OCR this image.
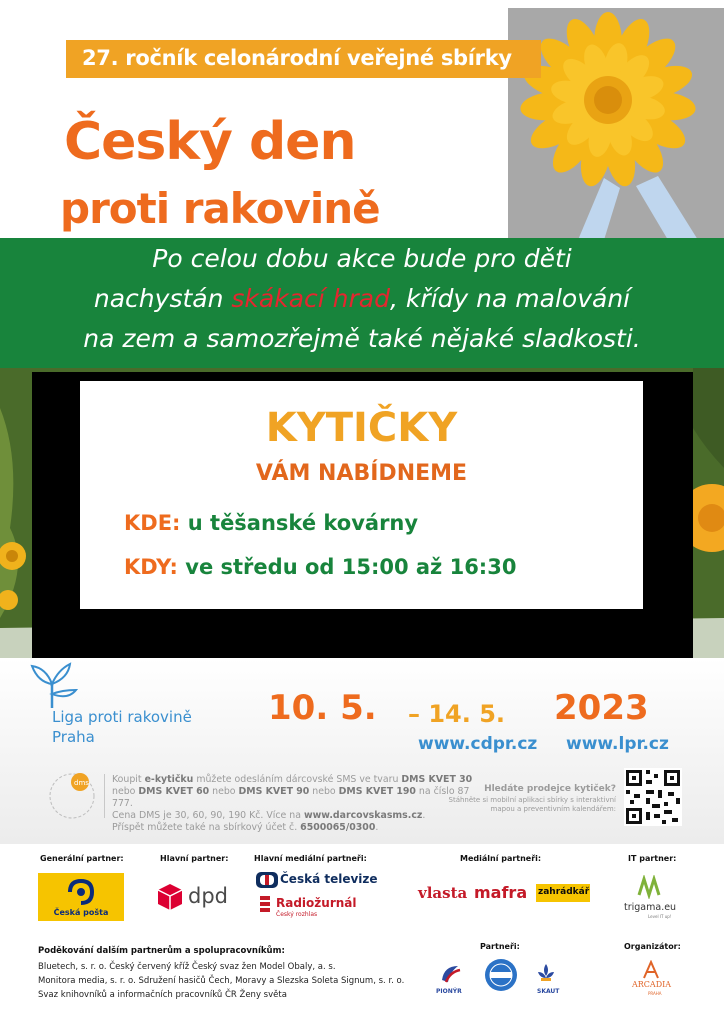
27. ročník celonárodní veřejné sbírky
Český den
proti rakovině

Po celou dobu akce bude pro děti

nachystán skákací hrad, křídy na malování

na zem a samozřejmě také nějaké sladkosti.

KYTIČKY
VÁM NABÍDNEME
KDE: u těšanské kovárny
KDY: ve středu od 15:00 až 16:30
Liga proti rakovině
Praha
10. 5. – 14. 5. 2023
www.cdpr.cz www.lpr.cz
dms Koupit e-kytičku můžete odesláním dárcovské SMS ve tvaru DMS KVET 30
nebo DMS KVET 60 nebo DMS KVET 90 nebo DMS KVET 190 na číslo 87 777.
Cena DMS je 30, 60, 90, 190 Kč. Více na www.darcovskasms.cz.
Příspět můžete také na sbírkový účet č. 6500065/0300.
Hledáte prodejce kytiček?
Stáhněte si mobilní aplikaci sbírky s interaktivní mapou a preventivním kalendářem:
Generální partner:	Hlavní partner:	Hlavní mediální partneři:	Mediální partneři:	IT partner:
Česká pošta
dpd
Česká televize
Radiožurnál
Český rozhlas
vlasta mafra zahrádkář
trigama.eu
Level IT up!
Poděkování dalším partnerům a spolupracovníkům:
Bluetech, s. r. o. Český červený kříž Český svaz žen Model Obaly, a. s.
Monitora media, s. r. o. Sdružení hasičů Čech, Moravy a Slezska Soleta Signum, s. r. o.
Svaz knihovníků a informačních pracovníků ČR Ženy světa
Partneři:	Organizátor:
PIONÝR	SKAUT
ARCADIA
PRAHA
